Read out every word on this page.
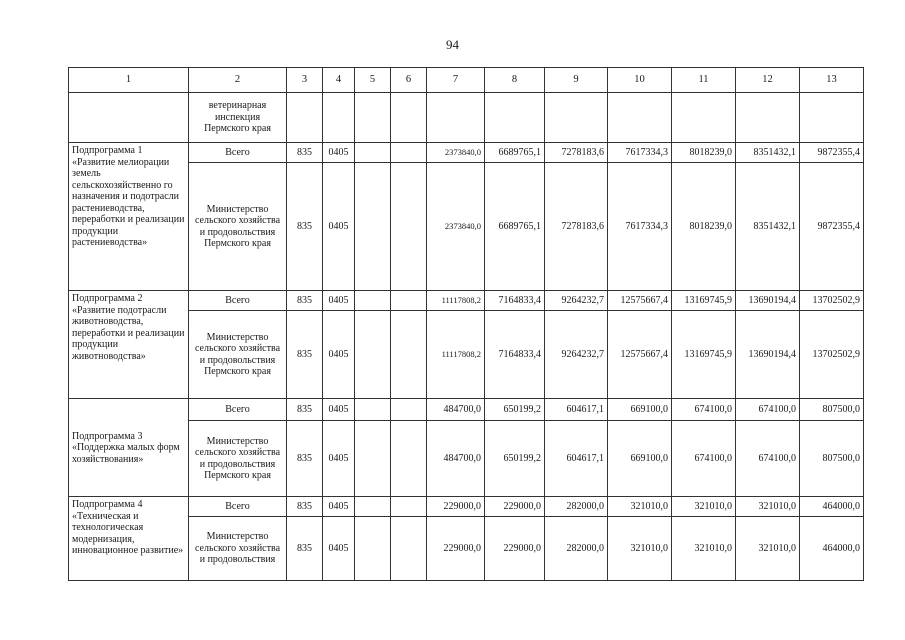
94
1	2	3	4	5	6	7	8	9	10	11	12	13
	ветеринарная инспекция Пермского края											
Подпрограмма 1 «Развитие мелиорации земель сельскохозяйственно го назначения и подотрасли растениеводства, переработки и реализации продукции растениеводства»	Всего	835	0405			2373840,0	6689765,1	7278183,6	7617334,3	8018239,0	8351432,1	9872355,4
	Министерство сельского хозяйства и продовольствия Пермского края	835	0405			2373840,0	6689765,1	7278183,6	7617334,3	8018239,0	8351432,1	9872355,4
Подпрограмма 2 «Развитие подотрасли животноводства, переработки и реализации продукции животноводства»	Всего	835	0405			11117808,2	7164833,4	9264232,7	12575667,4	13169745,9	13690194,4	13702502,9
	Министерство сельского хозяйства и продовольствия Пермского края	835	0405			11117808,2	7164833,4	9264232,7	12575667,4	13169745,9	13690194,4	13702502,9
Подпрограмма 3 «Поддержка малых форм хозяйствования»	Всего	835	0405			484700,0	650199,2	604617,1	669100,0	674100,0	674100,0	807500,0
	Министерство сельского хозяйства и продовольствия Пермского края	835	0405			484700,0	650199,2	604617,1	669100,0	674100,0	674100,0	807500,0
Подпрограмма 4 «Техническая и технологическая модернизация, инновационное развитие»	Всего	835	0405			229000,0	229000,0	282000,0	321010,0	321010,0	321010,0	464000,0
	Министерство сельского хозяйства и продовольствия	835	0405			229000,0	229000,0	282000,0	321010,0	321010,0	321010,0	464000,0
